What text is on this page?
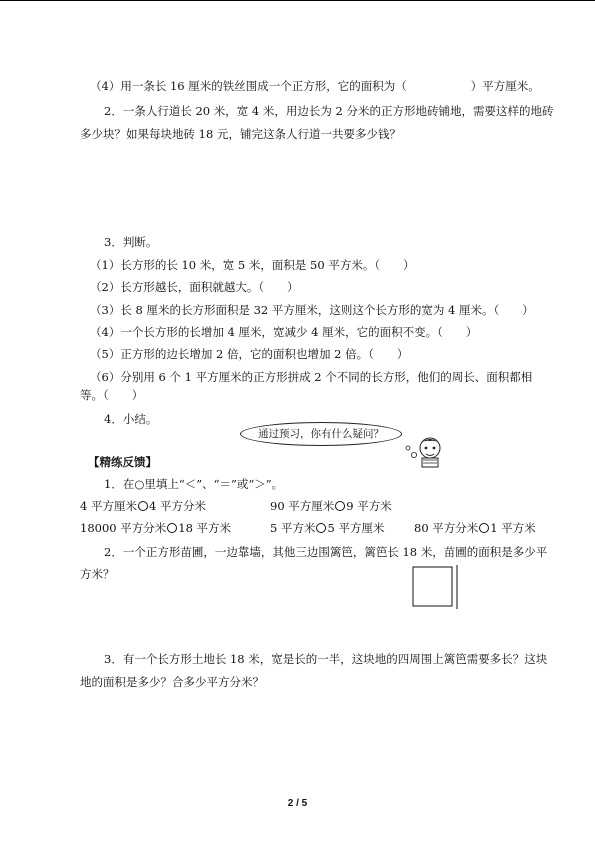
（4）用一条长 16 厘米的铁丝围成一个正方形，它的面积为（	）平方厘米。
2．一条人行道长 20 米，宽 4 米，用边长为 2 分米的正方形地砖铺地，需要这样的地砖
多少块？如果每块地砖 18 元，铺完这条人行道一共要多少钱？
3．判断。
（1）长方形的长 10 米，宽 5 米，面积是 50 平方米。（　　）
（2）长方形越长，面积就越大。（　　）
（3）长 8 厘米的长方形面积是 32 平方厘米，这则这个长方形的宽为 4 厘米。（　　）
（4）一个长方形的长增加 4 厘米，宽减少 4 厘米，它的面积不变。（　　）
（5）正方形的边长增加 2 倍，它的面积也增加 2 倍。（　　）
（6）分别用 6 个 1 平方厘米的正方形拼成 2 个不同的长方形，他们的周长、面积都相
等。（　　）
4．小结。
通过预习，你有什么疑问？
【精练反馈】
1．在○里填上“＜”、“＝”或“＞”。
4 平方厘米 4 平方分米	90 平方厘米 9 平方米
18000 平方分米 18 平方米	5 平方米 5 平方厘米	80 平方分米 1 平方米
2．一个正方形苗圃，一边靠墙，其他三边围篱笆，篱笆长 18 米，苗圃的面积是多少平
方米？
3．有一个长方形土地长 18 米，宽是长的一半，这块地的四周围上篱笆需要多长？这块
地的面积是多少？合多少平方分米？
2 / 5
